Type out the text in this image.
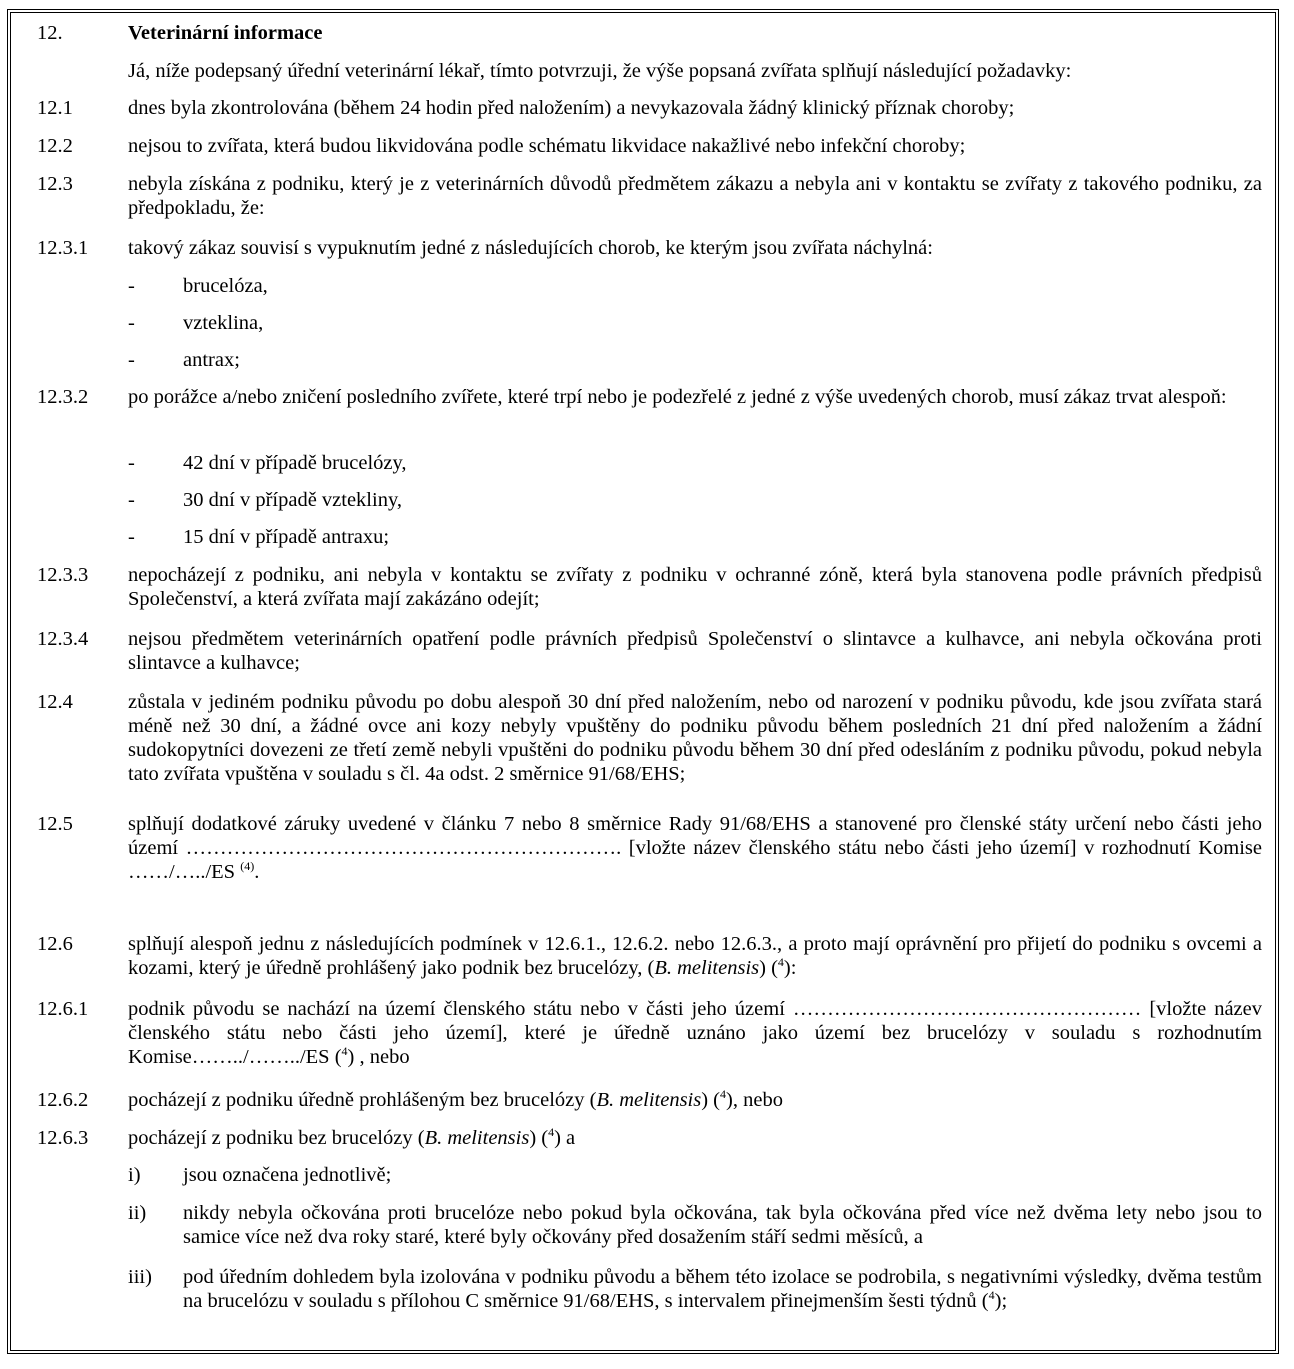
12.	Veterinární informace
Já, níže podepsaný úřední veterinární lékař, tímto potvrzuji, že výše popsaná zvířata splňují následující požadavky:
12.1	dnes byla zkontrolována (během 24 hodin před naložením) a nevykazovala žádný klinický příznak choroby;
12.2	nejsou to zvířata, která budou likvidována podle schématu likvidace nakažlivé nebo infekční choroby;
12.3	nebyla získána z podniku, který je z veterinárních důvodů předmětem zákazu a nebyla ani v kontaktu se zvířaty z takového podniku, za předpokladu, že:
12.3.1 takový zákaz souvisí s vypuknutím jedné z následujících chorob, ke kterým jsou zvířata náchylná:
- brucelóza,
- vzteklina,
- antrax;
12.3.2 po porážce a/nebo zničení posledního zvířete, které trpí nebo je podezřelé z jedné z výše uvedených chorob, musí zákaz trvat alespoň:
- 42 dní v případě brucelózy,
- 30 dní v případě vztekliny,
- 15 dní v případě antraxu;
12.3.3 nepocházejí z podniku, ani nebyla v kontaktu se zvířaty z podniku v ochranné zóně, která byla stanovena podle právních předpisů Společenství, a která zvířata mají zakázáno odejít;
12.3.4 nejsou předmětem veterinárních opatření podle právních předpisů Společenství o slintavce a kulhavce, ani nebyla očkována proti slintavce a kulhavce;
12.4	zůstala v jediném podniku původu po dobu alespoň 30 dní před naložením, nebo od narození v podniku původu, kde jsou zvířata stará méně než 30 dní, a žádné ovce ani kozy nebyly vpuštěny do podniku původu během posledních 21 dní před naložením a žádní sudokopytníci dovezeni ze třetí země nebyli vpuštěni do podniku původu během 30 dní před odesláním z podniku původu, pokud nebyla tato zvířata vpuštěna v souladu s čl. 4a odst. 2 směrnice 91/68/EHS;
12.5	splňují dodatkové záruky uvedené v článku 7 nebo 8 směrnice Rady 91/68/EHS a stanovené pro členské státy určení nebo části jeho území ………………………………………………………. [vložte název členského státu nebo části jeho území] v rozhodnutí Komise ……/…../ES $^{(4)}$.
12.6	splňují alespoň jednu z následujících podmínek v 12.6.1., 12.6.2. nebo 12.6.3., a proto mají oprávnění pro přijetí do podniku s ovcemi a kozami, který je úředně prohlášený jako podnik bez brucelózy, (B. melitensis) ($^4$):
12.6.1 podnik původu se nachází na území členského státu nebo v části jeho území …………………………………………… [vložte název členského státu nebo části jeho území], které je úředně uznáno jako území bez brucelózy v souladu s rozhodnutím Komise……../……../ES ($^4$) , nebo
12.6.2 pocházejí z podniku úředně prohlášeným bez brucelózy (B. melitensis) ($^4$), nebo
12.6.3 pocházejí z podniku bez brucelózy (B. melitensis) ($^4$) a
i) jsou označena jednotlivě;
ii) nikdy nebyla očkována proti brucelóze nebo pokud byla očkována, tak byla očkována před více než dvěma lety nebo jsou to samice více než dva roky staré, které byly očkovány před dosažením stáří sedmi měsíců, a
iii) pod úředním dohledem byla izolována v podniku původu a během této izolace se podrobila, s negativními výsledky, dvěma testům na brucelózu v souladu s přílohou C směrnice 91/68/EHS, s intervalem přinejmenším šesti týdnů ($^4$);
